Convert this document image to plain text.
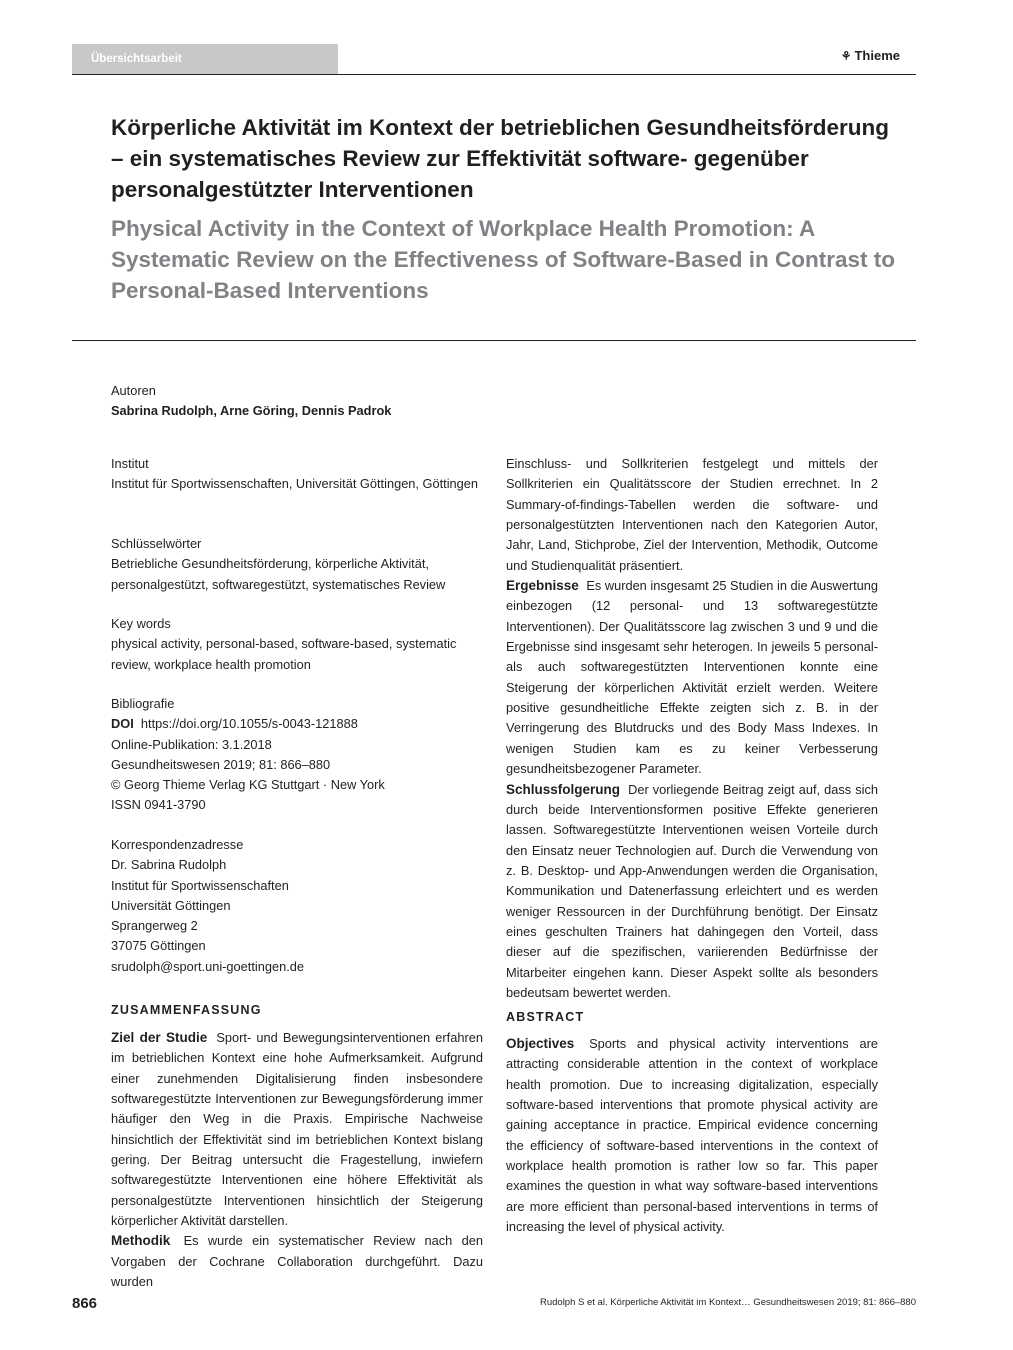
Übersichtsarbeit	⚘ Thieme
Körperliche Aktivität im Kontext der betrieblichen Gesundheitsförderung – ein systematisches Review zur Effektivität software- gegenüber personalgestützter Interventionen
Physical Activity in the Context of Workplace Health Promotion: A Systematic Review on the Effectiveness of Software-Based in Contrast to Personal-Based Interventions
Autoren
Sabrina Rudolph, Arne Göring, Dennis Padrok
Institut
Institut für Sportwissenschaften, Universität Göttingen, Göttingen
Schlüsselwörter
Betriebliche Gesundheitsförderung, körperliche Aktivität, personalgestützt, softwaregestützt, systematisches Review
Key words
physical activity, personal-based, software-based, systematic review, workplace health promotion
Bibliografie
DOI https://doi.org/10.1055/s-0043-121888
Online-Publikation: 3.1.2018
Gesundheitswesen 2019; 81: 866–880
© Georg Thieme Verlag KG Stuttgart · New York
ISSN 0941-3790
Korrespondenzadresse
Dr. Sabrina Rudolph
Institut für Sportwissenschaften
Universität Göttingen
Sprangerweg 2
37075 Göttingen
srudolph@sport.uni-goettingen.de
ZUSAMMENFASSUNG

Ziel der Studie Sport- und Bewegungsinterventionen erfahren im betrieblichen Kontext eine hohe Aufmerksamkeit. Aufgrund einer zunehmenden Digitalisierung finden insbesondere softwaregestützte Interventionen zur Bewegungsförderung immer häufiger den Weg in die Praxis. Empirische Nachweise hinsichtlich der Effektivität sind im betrieblichen Kontext bislang gering. Der Beitrag untersucht die Fragestellung, inwiefern softwaregestützte Interventionen eine höhere Effektivität als personalgestützte Interventionen hinsichtlich der Steigerung körperlicher Aktivität darstellen.

Methodik Es wurde ein systematischer Review nach den Vorgaben der Cochrane Collaboration durchgeführt. Dazu wurden

Einschluss- und Sollkriterien festgelegt und mittels der Sollkriterien ein Qualitätsscore der Studien errechnet. In 2 Summary-of-findings-Tabellen werden die software- und personalgestützten Interventionen nach den Kategorien Autor, Jahr, Land, Stichprobe, Ziel der Intervention, Methodik, Outcome und Studienqualität präsentiert.

Ergebnisse Es wurden insgesamt 25 Studien in die Auswertung einbezogen (12 personal- und 13 softwaregestützte Interventionen). Der Qualitätsscore lag zwischen 3 und 9 und die Ergebnisse sind insgesamt sehr heterogen. In jeweils 5 personal- als auch softwaregestützten Interventionen konnte eine Steigerung der körperlichen Aktivität erzielt werden. Weitere positive gesundheitliche Effekte zeigten sich z. B. in der Verringerung des Blutdrucks und des Body Mass Indexes. In wenigen Studien kam es zu keiner Verbesserung gesundheitsbezogener Parameter.

Schlussfolgerung Der vorliegende Beitrag zeigt auf, dass sich durch beide Interventionsformen positive Effekte generieren lassen. Softwaregestützte Interventionen weisen Vorteile durch den Einsatz neuer Technologien auf. Durch die Verwendung von z. B. Desktop- und App-Anwendungen werden die Organisation, Kommunikation und Datenerfassung erleichtert und es werden weniger Ressourcen in der Durchführung benötigt. Der Einsatz eines geschulten Trainers hat dahingegen den Vorteil, dass dieser auf die spezifischen, variierenden Bedürfnisse der Mitarbeiter eingehen kann. Dieser Aspekt sollte als besonders bedeutsam bewertet werden.

ABSTRACT

Objectives Sports and physical activity interventions are attracting considerable attention in the context of workplace health promotion. Due to increasing digitalization, especially software-based interventions that promote physical activity are gaining acceptance in practice. Empirical evidence concerning the efficiency of software-based interventions in the context of workplace health promotion is rather low so far. This paper examines the question in what way software-based interventions are more efficient than personal-based interventions in terms of increasing the level of physical activity.

866	Rudolph S et al. Körperliche Aktivität im Kontext… Gesundheitswesen 2019; 81: 866–880
